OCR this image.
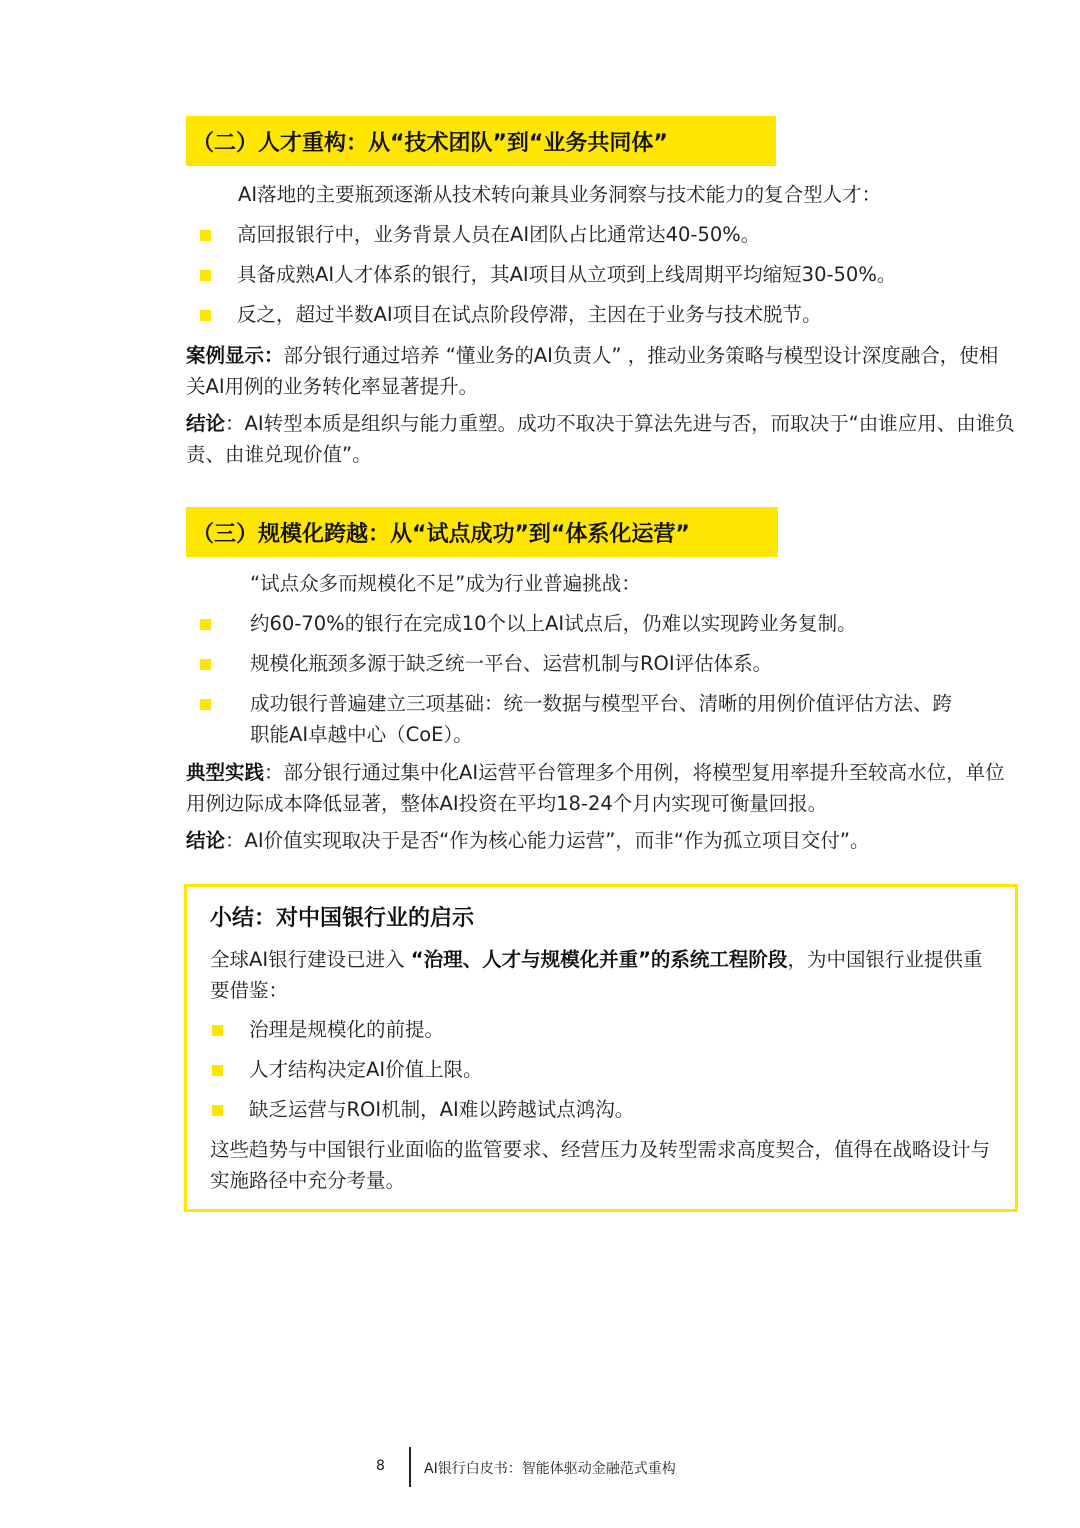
（二）人才重构：从“技术团队”到“业务共同体”
AI落地的主要瓶颈逐渐从技术转向兼具业务洞察与技术能力的复合型人才：
高回报银行中，业务背景人员在AI团队占比通常达40-50%。
具备成熟AI人才体系的银行，其AI项目从立项到上线周期平均缩短30-50%。
反之，超过半数AI项目在试点阶段停滞，主因在于业务与技术脱节。
案例显示：部分银行通过培养 “懂业务的AI负责人” ，推动业务策略与模型设计深度融合，使相关AI用例的业务转化率显著提升。
结论：AI转型本质是组织与能力重塑。成功不取决于算法先进与否，而取决于“由谁应用、由谁负责、由谁兑现价值”。
（三）规模化跨越：从“试点成功”到“体系化运营”
“试点众多而规模化不足”成为行业普遍挑战：
约60-70%的银行在完成10个以上AI试点后，仍难以实现跨业务复制。
规模化瓶颈多源于缺乏统一平台、运营机制与ROI评估体系。
成功银行普遍建立三项基础：统一数据与模型平台、清晰的用例价值评估方法、跨职能AI卓越中心（CoE）。
典型实践：部分银行通过集中化AI运营平台管理多个用例，将模型复用率提升至较高水位，单位用例边际成本降低显著，整体AI投资在平均18-24个月内实现可衡量回报。
结论：AI价值实现取决于是否“作为核心能力运营”，而非“作为孤立项目交付”。
小结：对中国银行业的启示
全球AI银行建设已进入 “治理、人才与规模化并重”的系统工程阶段，为中国银行业提供重要借鉴：
治理是规模化的前提。
人才结构决定AI价值上限。
缺乏运营与ROI机制，AI难以跨越试点鸿沟。
这些趋势与中国银行业面临的监管要求、经营压力及转型需求高度契合，值得在战略设计与实施路径中充分考量。
8	AI银行白皮书：智能体驱动金融范式重构
